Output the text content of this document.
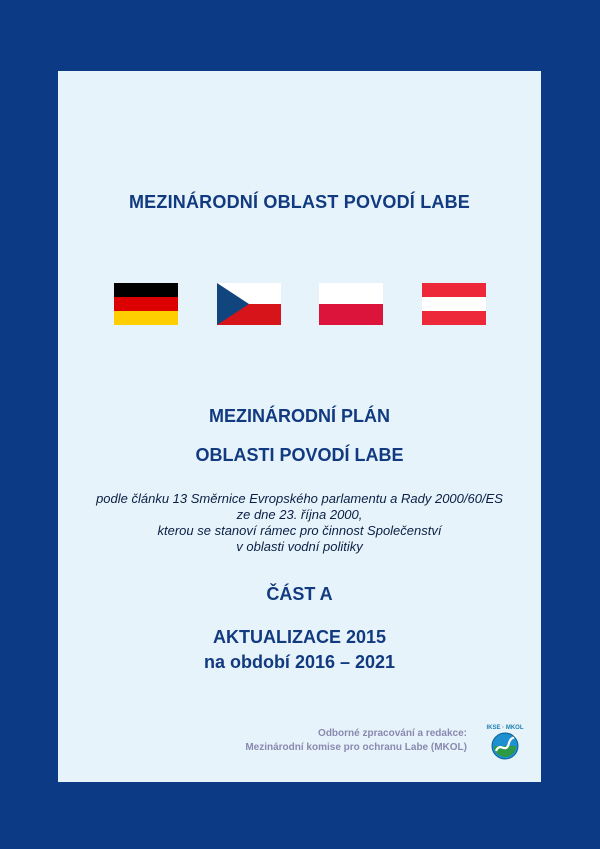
MEZINÁRODNÍ OBLAST POVODÍ LABE
MEZINÁRODNÍ PLÁN
OBLASTI POVODÍ LABE
podle článku 13 Směrnice Evropského parlamentu a Rady 2000/60/ES
ze dne 23. října 2000,
kterou se stanoví rámec pro činnost Společenství
v oblasti vodní politiky
ČÁST A
AKTUALIZACE 2015
na období 2016 – 2021
Odborné zpracování a redakce:
Mezinárodní komise pro ochranu Labe (MKOL)
IKSE · MKOL
